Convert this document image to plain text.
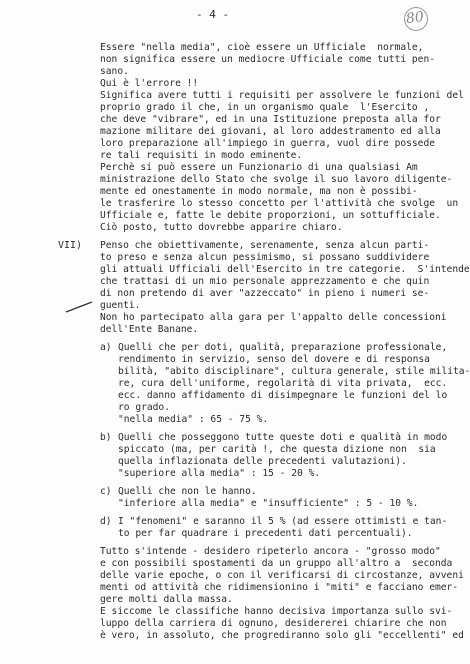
- 4 -	80
VII)
Essere "nella media", cioè essere un Ufficiale  normale,
non significa essere un mediocre Ufficiale come tutti pen-
sano.
Qui è l'errore !!
Significa avere tutti i requisiti per assolvere le funzioni del
proprio grado il che, in un organismo quale  l'Esercito ,
che deve "vibrare", ed in una Istituzione preposta alla for
mazione militare dei giovani, al loro addestramento ed alla
loro preparazione all'impiego in guerra, vuol dire possede
re tali requisiti in modo eminente.
Perchè si può essere un Funzionario di una qualsiasi Am
ministrazione dello Stato che svolge il suo lavoro diligente-
mente ed onestamente in modo normale, ma non è possibi-
le trasferire lo stesso concetto per l'attività che svolge  un
Ufficiale e, fatte le debite proporzioni, un sottufficiale.
Ciò posto, tutto dovrebbe apparire chiaro.
Penso che obiettivamente, serenamente, senza alcun parti-
to preso e senza alcun pessimismo, si possano suddividere
gli attuali Ufficiali dell'Esercito in tre categorie.  S'intende
che trattasi di un mio personale apprezzamento e che quin
di non pretendo di aver "azzeccato" in pieno i numeri se-
guenti.
Non ho partecipato alla gara per l'appalto delle concessioni
dell'Ente Banane.
Quelli che per doti, qualità, preparazione professionale,
rendimento in servizio, senso del dovere e di responsa
bilità, "abito disciplinare", cultura generale, stile milita-
re, cura dell'uniforme, regolarità di vita privata,  ecc.
ecc. danno affidamento di disimpegnare le funzioni del lo
ro grado.
"nella media" : 65 - 75 %.
Quelli che posseggono tutte queste doti e qualità in modo
spiccato (ma, per carità !, che questa dizione non  sia
quella inflazionata delle precedenti valutazioni).
"superiore alla media" : 15 - 20 %.
Quelli che non le hanno.
"inferiore alla media" e "insufficiente" : 5 - 10 %.
I "fenomeni" e saranno il 5 % (ad essere ottimisti e tan-
to per far quadrare i precedenti dati percentuali).
Tutto s'intende - desidero ripeterlo ancora - "grosso modo"
e con possibili spostamenti da un gruppo all'altro a  seconda
delle varie epoche, o con il verificarsi di circostanze, avveni
menti od attività che ridimensionino i "miti" e facciano emer-
gere molti dalla massa.
E siccome le classifiche hanno decisiva importanza sullo svi-
luppo della carriera di ognuno, desidererei chiarire che non
è vero, in assoluto, che progrediranno solo gli "eccellenti" ed
a)
b)
c)
d)
